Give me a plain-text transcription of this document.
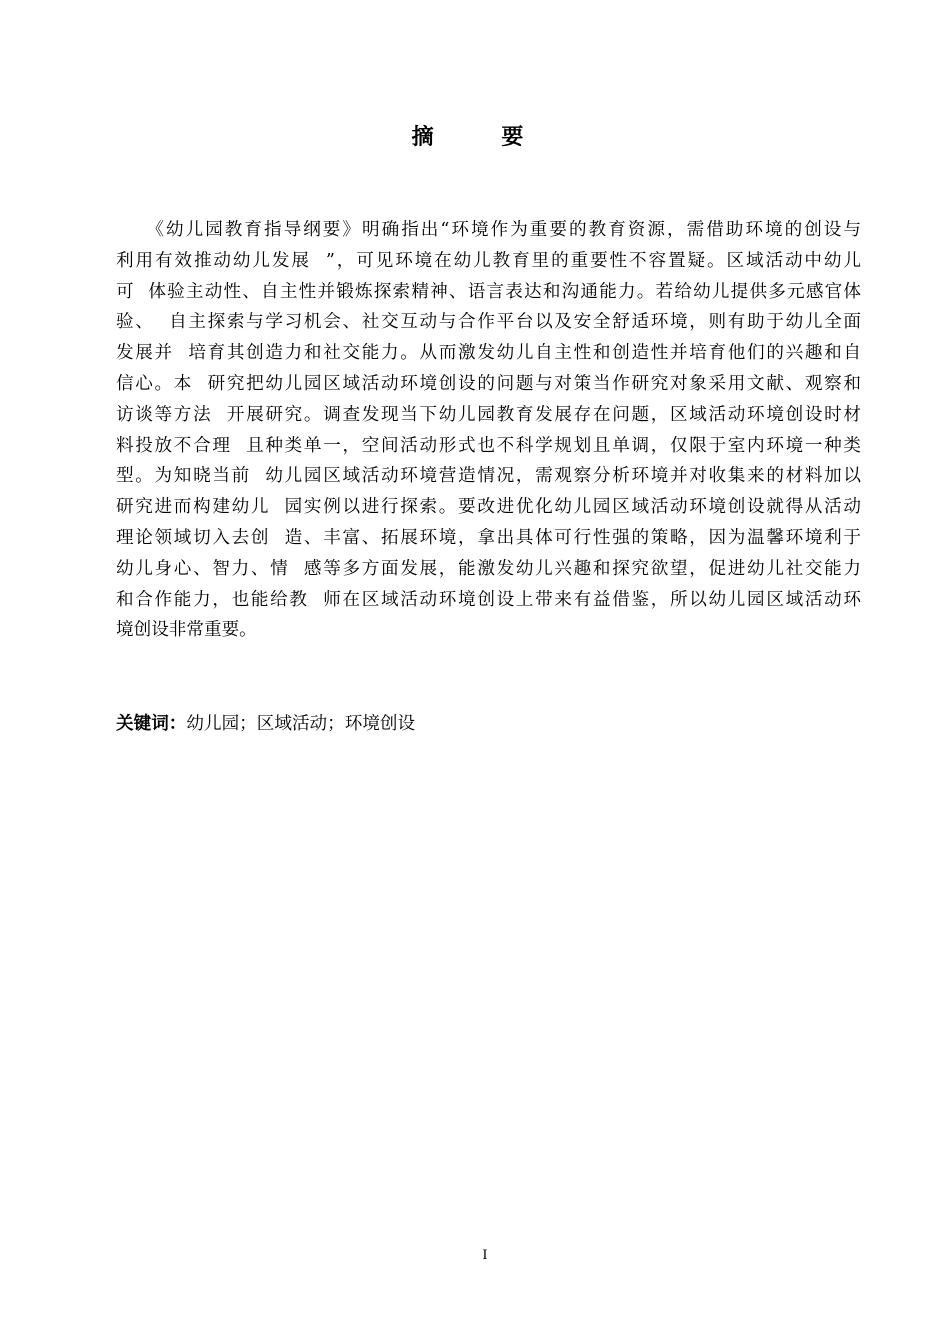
摘 要
　　《幼儿园教育指导纲要》明确指出“环境作为重要的教育资源，需借助环境的创设与
利用有效推动幼儿发展  ”，可见环境在幼儿教育里的重要性不容置疑。区域活动中幼儿
可  体验主动性、自主性并锻炼探索精神、语言表达和沟通能力。若给幼儿提供多元感官体
验、  自主探索与学习机会、社交互动与合作平台以及安全舒适环境，则有助于幼儿全面
发展并  培育其创造力和社交能力。从而激发幼儿自主性和创造性并培育他们的兴趣和自
信心。本  研究把幼儿园区域活动环境创设的问题与对策当作研究对象采用文献、观察和
访谈等方法  开展研究。调查发现当下幼儿园教育发展存在问题，区域活动环境创设时材
料投放不合理  且种类单一，空间活动形式也不科学规划且单调，仅限于室内环境一种类
型。为知晓当前  幼儿园区域活动环境营造情况，需观察分析环境并对收集来的材料加以
研究进而构建幼儿  园实例以进行探索。要改进优化幼儿园区域活动环境创设就得从活动
理论领域切入去创  造、丰富、拓展环境，拿出具体可行性强的策略，因为温馨环境利于
幼儿身心、智力、情  感等多方面发展，能激发幼儿兴趣和探究欲望，促进幼儿社交能力
和合作能力，也能给教  师在区域活动环境创设上带来有益借鉴，所以幼儿园区域活动环
境创设非常重要。
关键词：幼儿园；区域活动；环境创设
I
